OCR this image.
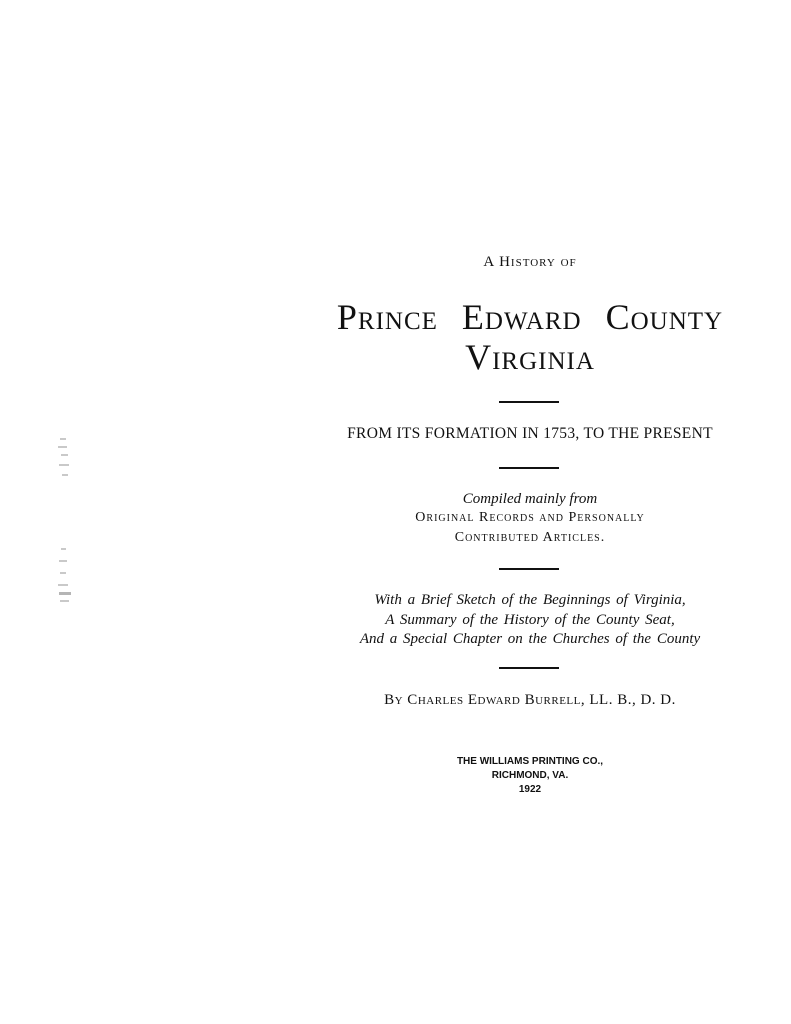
A History of
Prince Edward County
Virginia
FROM ITS FORMATION IN 1753, TO THE PRESENT
Compiled mainly from
Original Records and Personally
Contributed Articles.
With a Brief Sketch of the Beginnings of Virginia,
A Summary of the History of the County Seat,
And a Special Chapter on the Churches of the County
By Charles Edward Burrell, LL. B., D. D.
THE WILLIAMS PRINTING CO.,
RICHMOND, VA.
1922
